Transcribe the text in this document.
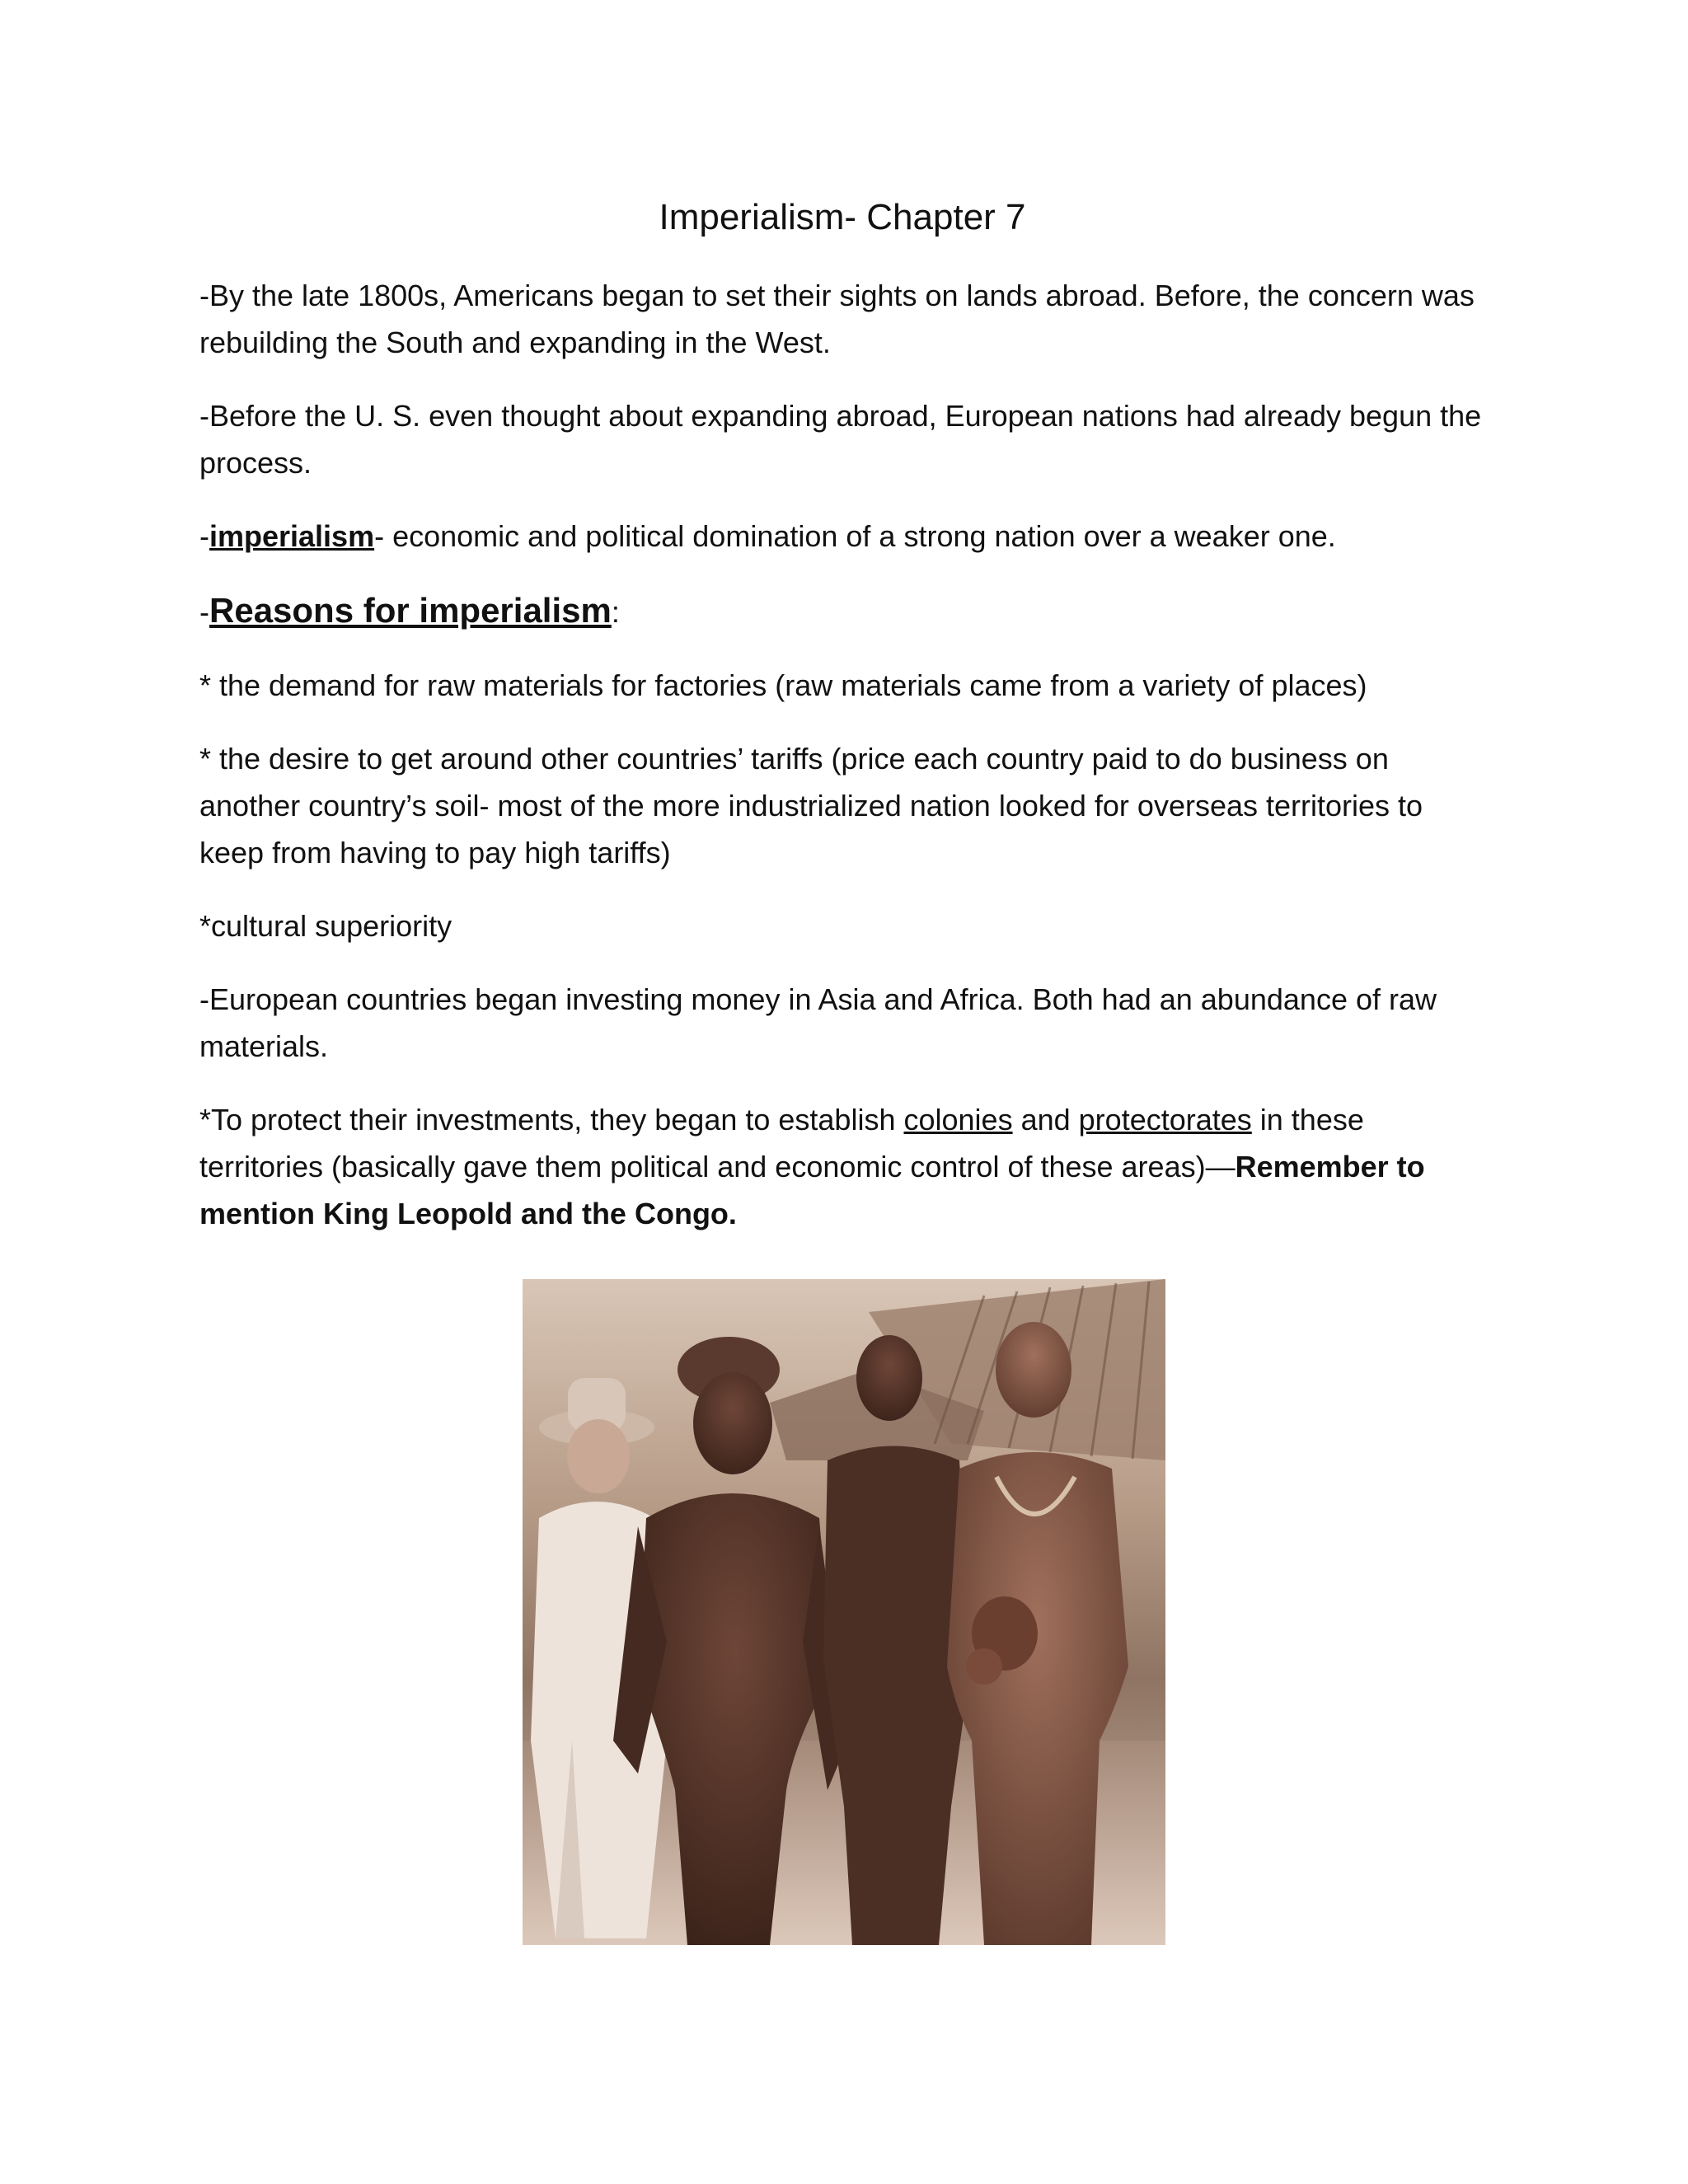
Imperialism- Chapter 7

-By the late 1800s, Americans began to set their sights on lands abroad. Before, the concern was rebuilding the South and expanding in the West.

-Before the U. S. even thought about expanding abroad, European nations had already begun the process.

-imperialism- economic and political domination of a strong nation over a weaker one.

-Reasons for imperialism:

* the demand for raw materials for factories (raw materials came from a variety of places)

* the desire to get around other countries’ tariffs (price each country paid to do business on another country’s soil- most of the more industrialized nation looked for overseas territories to keep from having to pay high tariffs)

*cultural superiority

-European countries began investing money in Asia and Africa. Both had an abundance of raw materials.

*To protect their investments, they began to establish colonies and protectorates in these territories (basically gave them political and economic control of these areas)—Remember to mention King Leopold and the Congo.
